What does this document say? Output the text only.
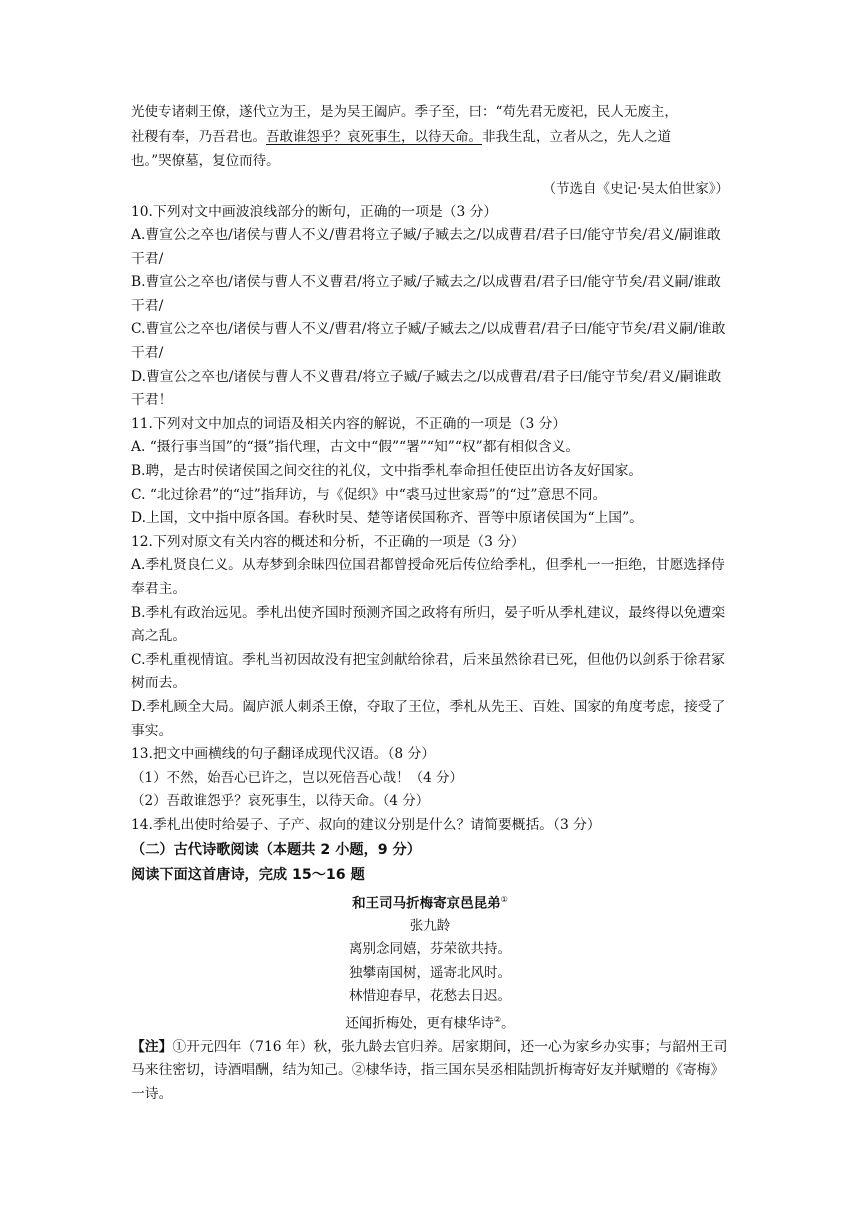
光使专诸刺王僚，遂代立为王，是为吴王阖庐。季子至，曰：“苟先君无废祀，民人无废主，

社稷有奉，乃吾君也。吾敢谁怨乎？哀死事生，以待天命。非我生乱，立者从之，先人之道

也。”哭僚墓，复位而待。

（节选自《史记·吴太伯世家》）

10.下列对文中画波浪线部分的断句，正确的一项是（3 分）

A.曹宣公之卒也/诸侯与曹人不义/曹君将立子臧/子臧去之/以成曹君/君子曰/能守节矣/君义/嗣谁敢干君/

B.曹宣公之卒也/诸侯与曹人不义曹君/将立子臧/子臧去之/以成曹君/君子曰/能守节矣/君义嗣/谁敢干君/

C.曹宣公之卒也/诸侯与曹人不义/曹君/将立子臧/子臧去之/以成曹君/君子曰/能守节矣/君义嗣/谁敢干君/

D.曹宣公之卒也/诸侯与曹人不义曹君/将立子臧/子臧去之/以成曹君/君子曰/能守节矣/君义/嗣谁敢干君！

11.下列对文中加点的词语及相关内容的解说，不正确的一项是（3 分）

A. “摄行事当国”的“摄”指代理，古文中“假”“署”“知”“权”都有相似含义。

B.聘，是古时侯诸侯国之间交往的礼仪，文中指季札奉命担任使臣出访各友好国家。

C. “北过徐君”的“过”指拜访，与《促织》中“裘马过世家焉”的“过”意思不同。

D.上国，文中指中原各国。春秋时吴、楚等诸侯国称齐、晋等中原诸侯国为“上国”。

12.下列对原文有关内容的概述和分析，不正确的一项是（3 分）

A.季札贤良仁义。从寿梦到余昧四位国君都曾授命死后传位给季札，但季札一一拒绝，甘愿选择侍奉君主。

B.季札有政治远见。季札出使齐国时预测齐国之政将有所归，晏子听从季札建议，最终得以免遭栾高之乱。

C.季札重视情谊。季札当初因故没有把宝剑献给徐君，后来虽然徐君已死，但他仍以剑系于徐君冢树而去。

D.季札顾全大局。阖庐派人刺杀王僚，夺取了王位，季札从先王、百姓、国家的角度考虑，接受了事实。

13.把文中画横线的句子翻译成现代汉语。（8 分）

（1）不然，始吾心已许之，岂以死倍吾心哉！（4 分）

（2）吾敢谁怨乎？哀死事生，以待天命。（4 分）

14.季札出使时给晏子、子产、叔向的建议分别是什么？请简要概括。（3 分）

（二）古代诗歌阅读（本题共 2 小题，9 分）

阅读下面这首唐诗，完成 15～16 题

和王司马折梅寄京邑昆弟①
张九龄
离别念同嬉，芬荣欲共持。
独攀南国树，遥寄北风时。
林惜迎春早，花愁去日迟。
还闻折梅处，更有棣华诗②。

【注】①开元四年（716 年）秋，张九龄去官归养。居家期间，还一心为家乡办实事；与韶州王司马来往密切，诗酒唱酬，结为知己。②棣华诗，指三国东吴丞相陆凯折梅寄好友并赋赠的《寄梅》一诗。
